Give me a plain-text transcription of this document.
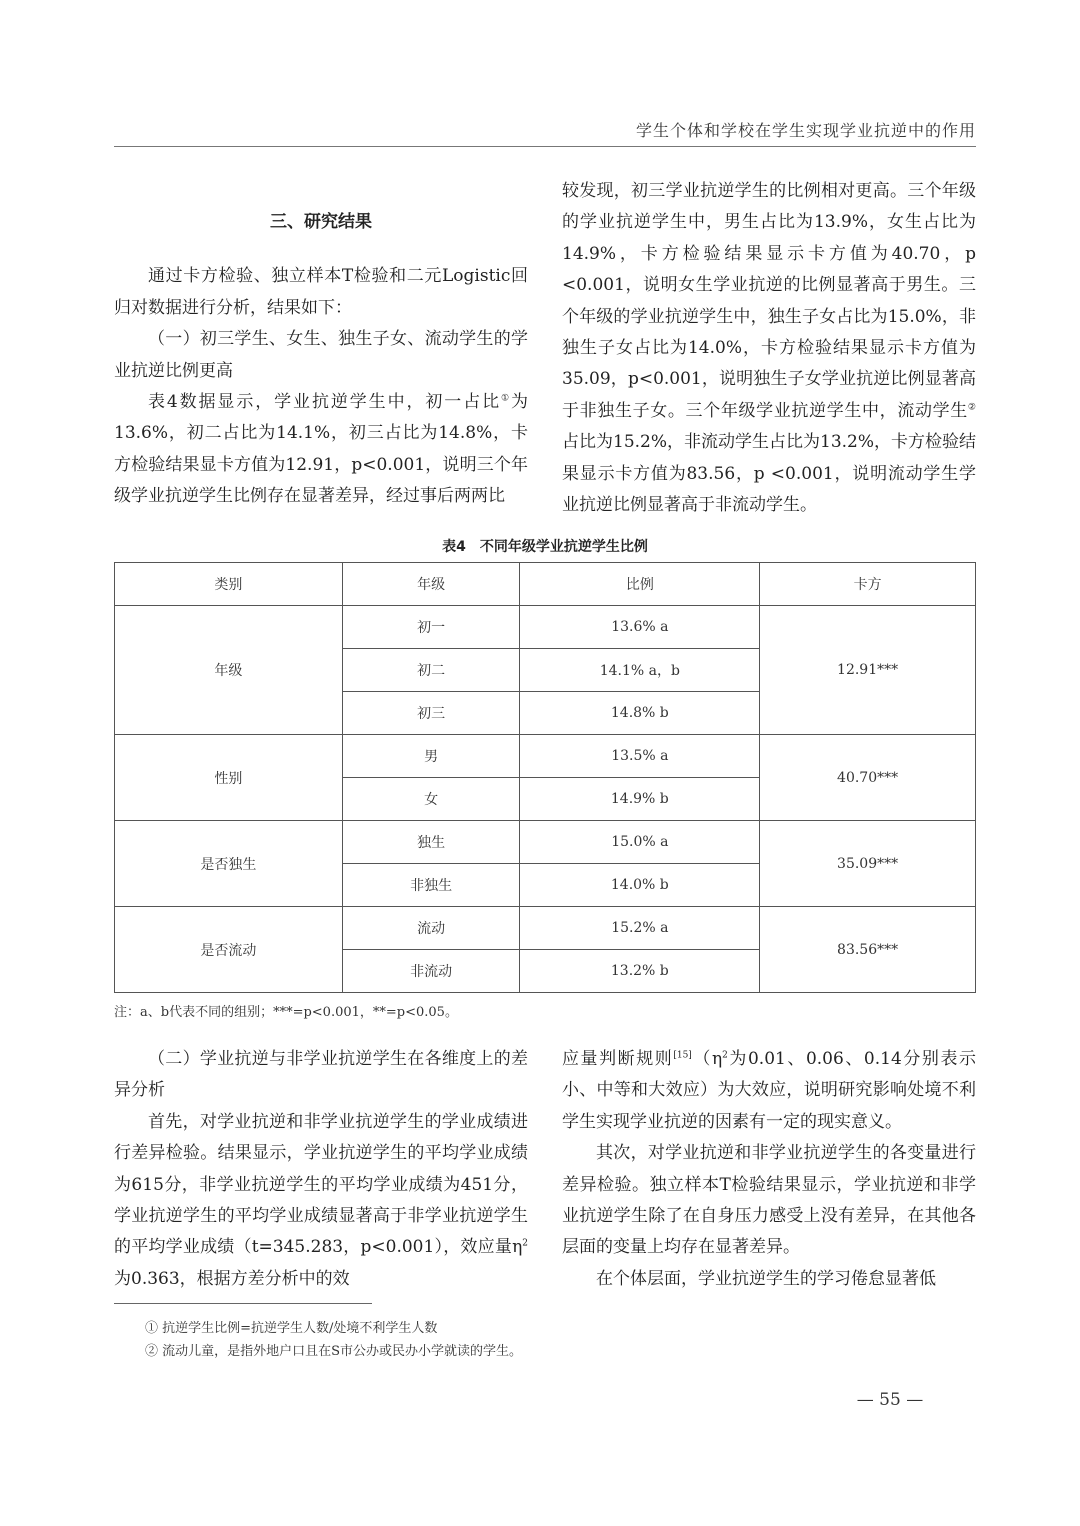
学生个体和学校在学生实现学业抗逆中的作用

三、研究结果

通过卡方检验、独立样本T检验和二元Logistic回归对数据进行分析，结果如下：

（一）初三学生、女生、独生子女、流动学生的学业抗逆比例更高

表4数据显示，学业抗逆学生中，初一占比①为13.6%，初二占比为14.1%，初三占比为14.8%，卡方检验结果显卡方值为12.91，p<0.001，说明三个年级学业抗逆学生比例存在显著差异，经过事后两两比

较发现，初三学业抗逆学生的比例相对更高。三个年级的学业抗逆学生中，男生占比为13.9%，女生占比为14.9%，卡方检验结果显示卡方值为40.70，p <0.001，说明女生学业抗逆的比例显著高于男生。三个年级的学业抗逆学生中，独生子女占比为15.0%，非独生子女占比为14.0%，卡方检验结果显示卡方值为35.09，p<0.001，说明独生子女学业抗逆比例显著高于非独生子女。三个年级学业抗逆学生中，流动学生②占比为15.2%，非流动学生占比为13.2%，卡方检验结果显示卡方值为83.56，p <0.001，说明流动学生学业抗逆比例显著高于非流动学生。

表4　不同年级学业抗逆学生比例
类别	年级	比例	卡方
年级	初一	13.6% a	12.91***
	初二	14.1% a，b	
	初三	14.8% b	
性别	男	13.5% a	40.70***
	女	14.9% b	
是否独生	独生	15.0% a	35.09***
	非独生	14.0% b	
是否流动	流动	15.2% a	83.56***
	非流动	13.2% b	
注：a、b代表不同的组别；***=p<0.001，**=p<0.05。

（二）学业抗逆与非学业抗逆学生在各维度上的差异分析

首先，对学业抗逆和非学业抗逆学生的学业成绩进行差异检验。结果显示，学业抗逆学生的平均学业成绩为615分，非学业抗逆学生的平均学业成绩为451分，学业抗逆学生的平均学业成绩显著高于非学业抗逆学生的平均学业成绩（t=345.283，p<0.001），效应量$\eta^2$为0.363，根据方差分析中的效

应量判断规则$[15](\eta^2$为0.01、0.06、0.14分别表示小、中等和大效应）为大效应，说明研究影响处境不利学生实现学业抗逆的因素有一定的现实意义。

其次，对学业抗逆和非学业抗逆学生的各变量进行差异检验。独立样本T检验结果显示，学业抗逆和非学业抗逆学生除了在自身压力感受上没有差异，在其他各层面的变量上均存在显著差异。

在个体层面，学业抗逆学生的学习倦怠显著低

① 抗逆学生比例=抗逆学生人数/处境不利学生人数

② 流动儿童，是指外地户口且在S市公办或民办小学就读的学生。

— 55 —
